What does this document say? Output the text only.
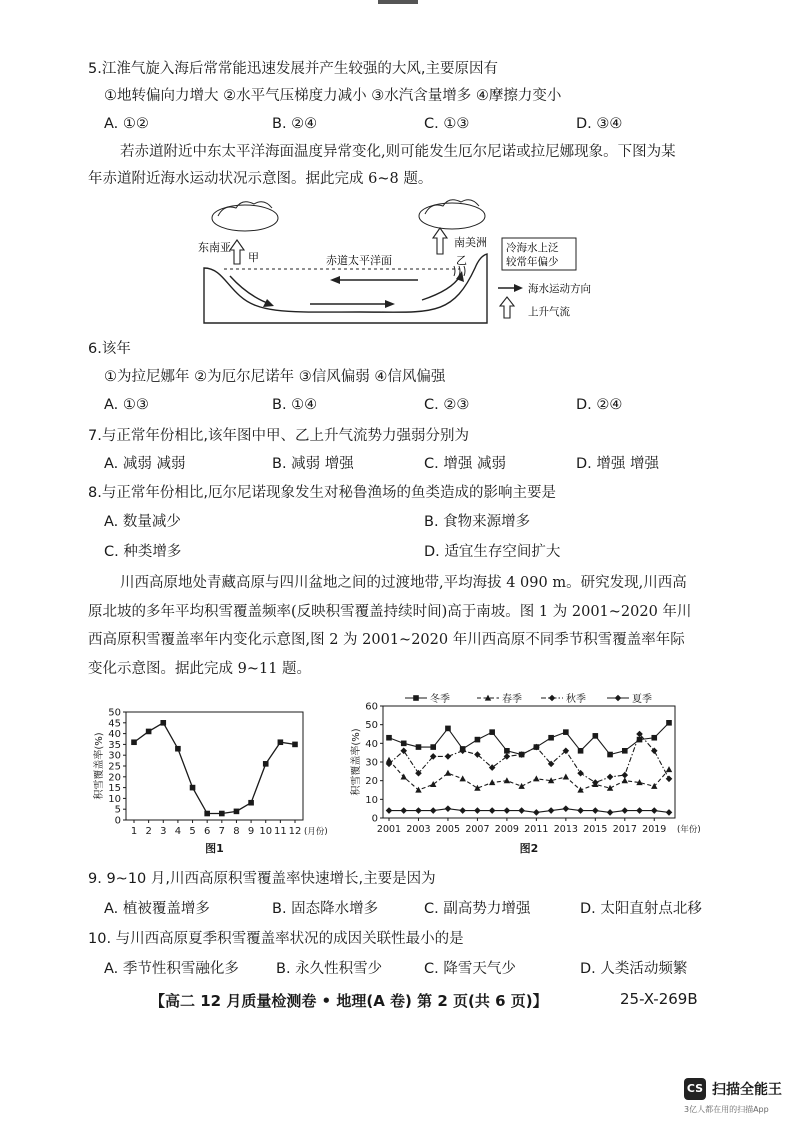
5.江淮气旋入海后常常能迅速发展并产生较强的大风,主要原因有
①地转偏向力增大 ②水平气压梯度力减小 ③水汽含量增多 ④摩擦力变小
A. ①②	B. ②④	C. ①③	D. ③④
若赤道附近中东太平洋海面温度异常变化,则可能发生厄尔尼诺或拉尼娜现象。下图为某
年赤道附近海水运动状况示意图。据此完成 6~8 题。
东南亚
甲
南美洲
乙
赤道太平洋面
冷海水上泛
较常年偏少
海水运动方向
上升气流
6.该年
①为拉尼娜年 ②为厄尔尼诺年 ③信风偏弱 ④信风偏强
A. ①③	B. ①④	C. ②③	D. ②④
7.与正常年份相比,该年图中甲、乙上升气流势力强弱分别为
A. 减弱 减弱	B. 减弱 增强	C. 增强 减弱	D. 增强 增强
8.与正常年份相比,厄尔尼诺现象发生对秘鲁渔场的鱼类造成的影响主要是
A. 数量减少	B. 食物来源增多
C. 种类增多	D. 适宜生存空间扩大
川西高原地处青藏高原与四川盆地之间的过渡地带,平均海拔 4 090 m。研究发现,川西高
原北坡的多年平均积雪覆盖频率(反映积雪覆盖持续时间)高于南坡。图 1 为 2001~2020 年川
西高原积雪覆盖率年内变化示意图,图 2 为 2001~2020 年川西高原不同季节积雪覆盖率年际
变化示意图。据此完成 9~11 题。
0
5
10
15
20
25
30
35
40
45
50
1 2 3 4 5 6 7 8 9 10 11 12 (月份)
积雪覆盖率(%)
图1
0
10
20
30
40
50
60
2001 2003 2005 2007 2009 2011 2013 2015 2017 2019 (年份)
积雪覆盖率(%)
冬季	春季	秋季	夏季
图2
9. 9~10 月,川西高原积雪覆盖率快速增长,主要是因为
A. 植被覆盖增多	B. 固态降水增多	C. 副高势力增强	D. 太阳直射点北移
10. 与川西高原夏季积雪覆盖率状况的成因关联性最小的是
A. 季节性积雪融化多	B. 永久性积雪少	C. 降雪天气少	D. 人类活动频繁
【高二 12 月质量检测卷 • 地理(A 卷) 第 2 页(共 6 页)】	25-X-269B
CS 扫描全能王
3亿人都在用的扫描App
